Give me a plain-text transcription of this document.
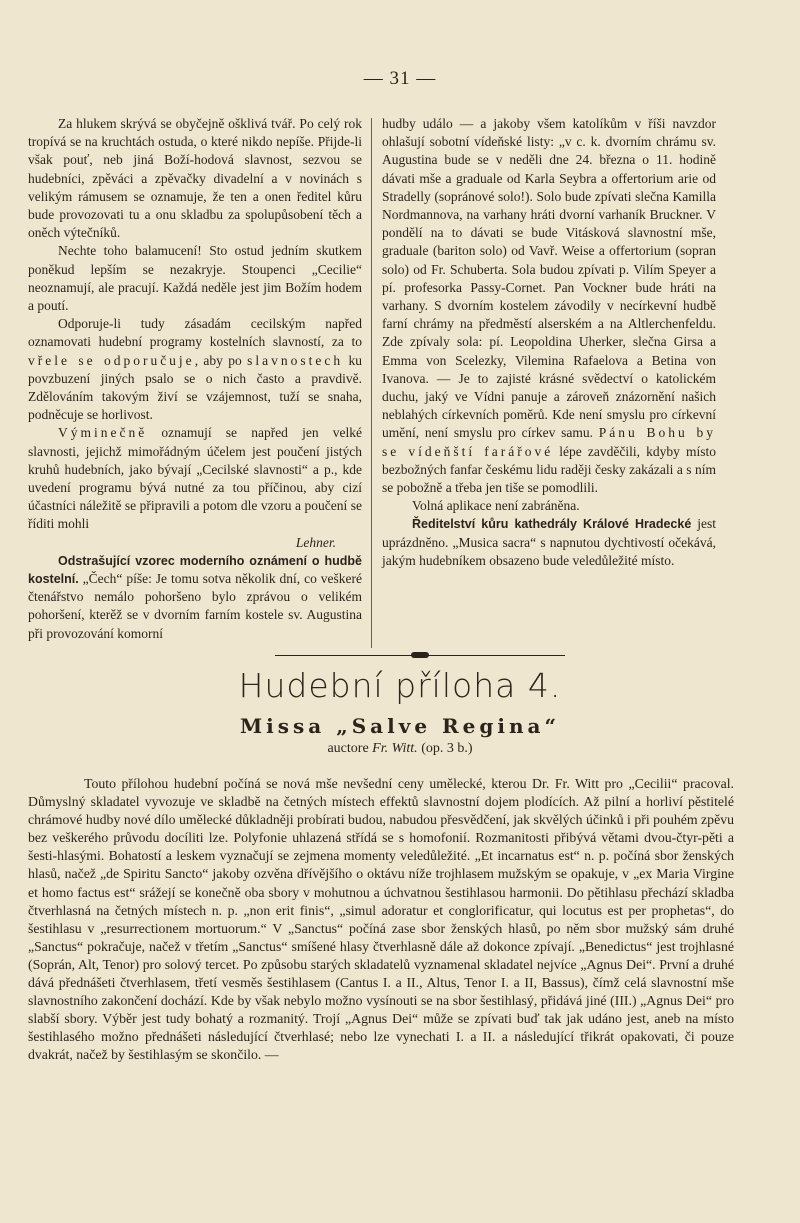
— 31 —

Za hlukem skrývá se obyčejně ošklivá tvář. Po celý rok tropívá se na kruchtách ostuda, o které nikdo nepíše. Přijde-li však pouť, neb jiná Boží-hodová slavnost, sezvou se hudebníci, zpěváci a zpěvačky divadelní a v novinách s velikým rámusem se oznamuje, že ten a onen ředitel kůru bude provozovati tu a onu skladbu za spolupůsobení těch a oněch výtečníků.

Nechte toho balamucení! Sto ostud jedním skutkem poněkud lepším se nezakryje. Stoupenci „Cecilie“ neoznamují, ale pracují. Každá neděle jest jim Božím hodem a poutí.

Odporuje-li tudy zásadám cecilským napřed oznamovati hudební programy kostelních slavností, za to vřele se odporučuje, aby po slavnostech ku povzbuzení jiných psalo se o nich často a pravdivě. Zdělováním takovým živí se vzájemnost, tuží se snaha, podněcuje se horlivost.

Výminečně oznamují se napřed jen velké slavnosti, jejichž mimořádným účelem jest poučení jistých kruhů hudebních, jako bývají „Cecilské slavnosti“ a p., kde uvedení programu bývá nutné za tou příčinou, aby cizí účastníci náležitě se připravili a potom dle vzoru a poučení se říditi mohli

Lehner.

Odstrašující vzorec moderního oznámení o hudbě kostelní. „Čech“ píše: Je tomu sotva několik dní, co veškeré čtenářstvo nemálo pohoršeno bylo zprávou o velikém pohoršení, kterěž se v dvorním farním kostele sv. Augustina při provozování komorní

hudby událo — a jakoby všem katolíkům v říši navzdor ohlašují sobotní vídeňské listy: „v c. k. dvorním chrámu sv. Augustina bude se v neděli dne 24. března o 11. hodině dávati mše a graduale od Karla Seybra a offertorium arie od Stradelly (sopránové solo!). Solo bude zpívati slečna Kamilla Nordmannova, na varhany hráti dvorní varhaník Bruckner. V pondělí na to dávati se bude Vitásková slavnostní mše, graduale (bariton solo) od Vavř. Weise a offertorium (sopran solo) od Fr. Schuberta. Sola budou zpívati p. Vilím Speyer a pí. profesorka Passy-Cornet. Pan Vockner bude hráti na varhany. S dvorním kostelem závodily v necírkevní hudbě farní chrámy na předměstí alserském a na Altlerchenfeldu. Zde zpívaly sola: pí. Leopoldina Uherker, slečna Girsa a Emma von Scelezky, Vilemina Rafaelova a Betina von Ivanova. — Je to zajisté krásné svědectví o katolickém duchu, jaký ve Vídni panuje a zároveň znázornění našich neblahých církevních poměrů. Kde není smyslu pro církevní umění, není smyslu pro církev samu. Pánu Bohu by se vídeňští farářové lépe zavděčili, kdyby místo bezbožných fanfar českému lidu raději česky zakázali a s ním se pobožně a třeba jen tiše se pomodlili.

Volná aplikace není zabráněna.

Ředitelství kůru kathedrály Králové Hradecké jest uprázdněno. „Musica sacra“ s napnutou dychtivostí očekává, jakým hudebníkem obsazeno bude veledůležité místo.

Hudební příloha 4.
Missa „Salve Regina“
auctore Fr. Witt. (op. 3 b.)

Touto přílohou hudební počíná se nová mše nevšední ceny umělecké, kterou Dr. Fr. Witt pro „Cecilii“ pracoval. Důmyslný skladatel vyvozuje ve skladbě na četných místech effektů slavnostní dojem plodících. Až pilní a horliví pěstitelé chrámové hudby nové dílo umělecké důkladněji probírati budou, nabudou přesvědčení, jak skvělých účinků i při pouhém zpěvu bez veškerého průvodu docíliti lze. Polyfonie uhlazená střídá se s homofonií. Rozmanitosti přibývá větami dvou-čtyr-pěti a šesti-hlasými. Bohatostí a leskem vyznačují se zejmena momenty veledůležité. „Et incarnatus est“ n. p. počíná sbor ženských hlasů, načež „de Spiritu Sancto“ jakoby ozvěna dřívějšího o oktávu níže trojhlasem mužským se opakuje, v „ex Maria Virgine et homo factus est“ srážejí se konečně oba sbory v mohutnou a úchvatnou šestihlasou harmonii. Do pětihlasu přechází skladba čtverhlasná na četných místech n. p. „non erit finis“, „simul adoratur et conglorificatur, qui locutus est per prophetas“, do šestihlasu v „resurrectionem mortuorum.“ V „Sanctus“ počíná zase sbor ženských hlasů, po něm sbor mužský sám druhé „Sanctus“ pokračuje, načež v třetím „Sanctus“ smíšené hlasy čtverhlasně dále až dokonce zpívají. „Benedictus“ jest trojhlasné (Soprán, Alt, Tenor) pro solový tercet. Po způsobu starých skladatelů vyznamenal skladatel nejvíce „Agnus Dei“. První a druhé dává přednášeti čtverhlasem, třetí vesměs šestihlasem (Cantus I. a II., Altus, Tenor I. a II, Bassus), čímž celá slavnostní mše slavnostního zakončení dochází. Kde by však nebylo možno vysínouti se na sbor šestihlasý, přidává jiné (III.) „Agnus Dei“ pro slabší sbory. Výběr jest tudy bohatý a rozmanitý. Trojí „Agnus Dei“ může se zpívati buď tak jak udáno jest, aneb na místo šestihlasého možno přednášeti následující čtverhlasé; nebo lze vynechati I. a II. a následující třikrát opakovati, či pouze dvakrát, načež by šestihlasým se skončilo. —
